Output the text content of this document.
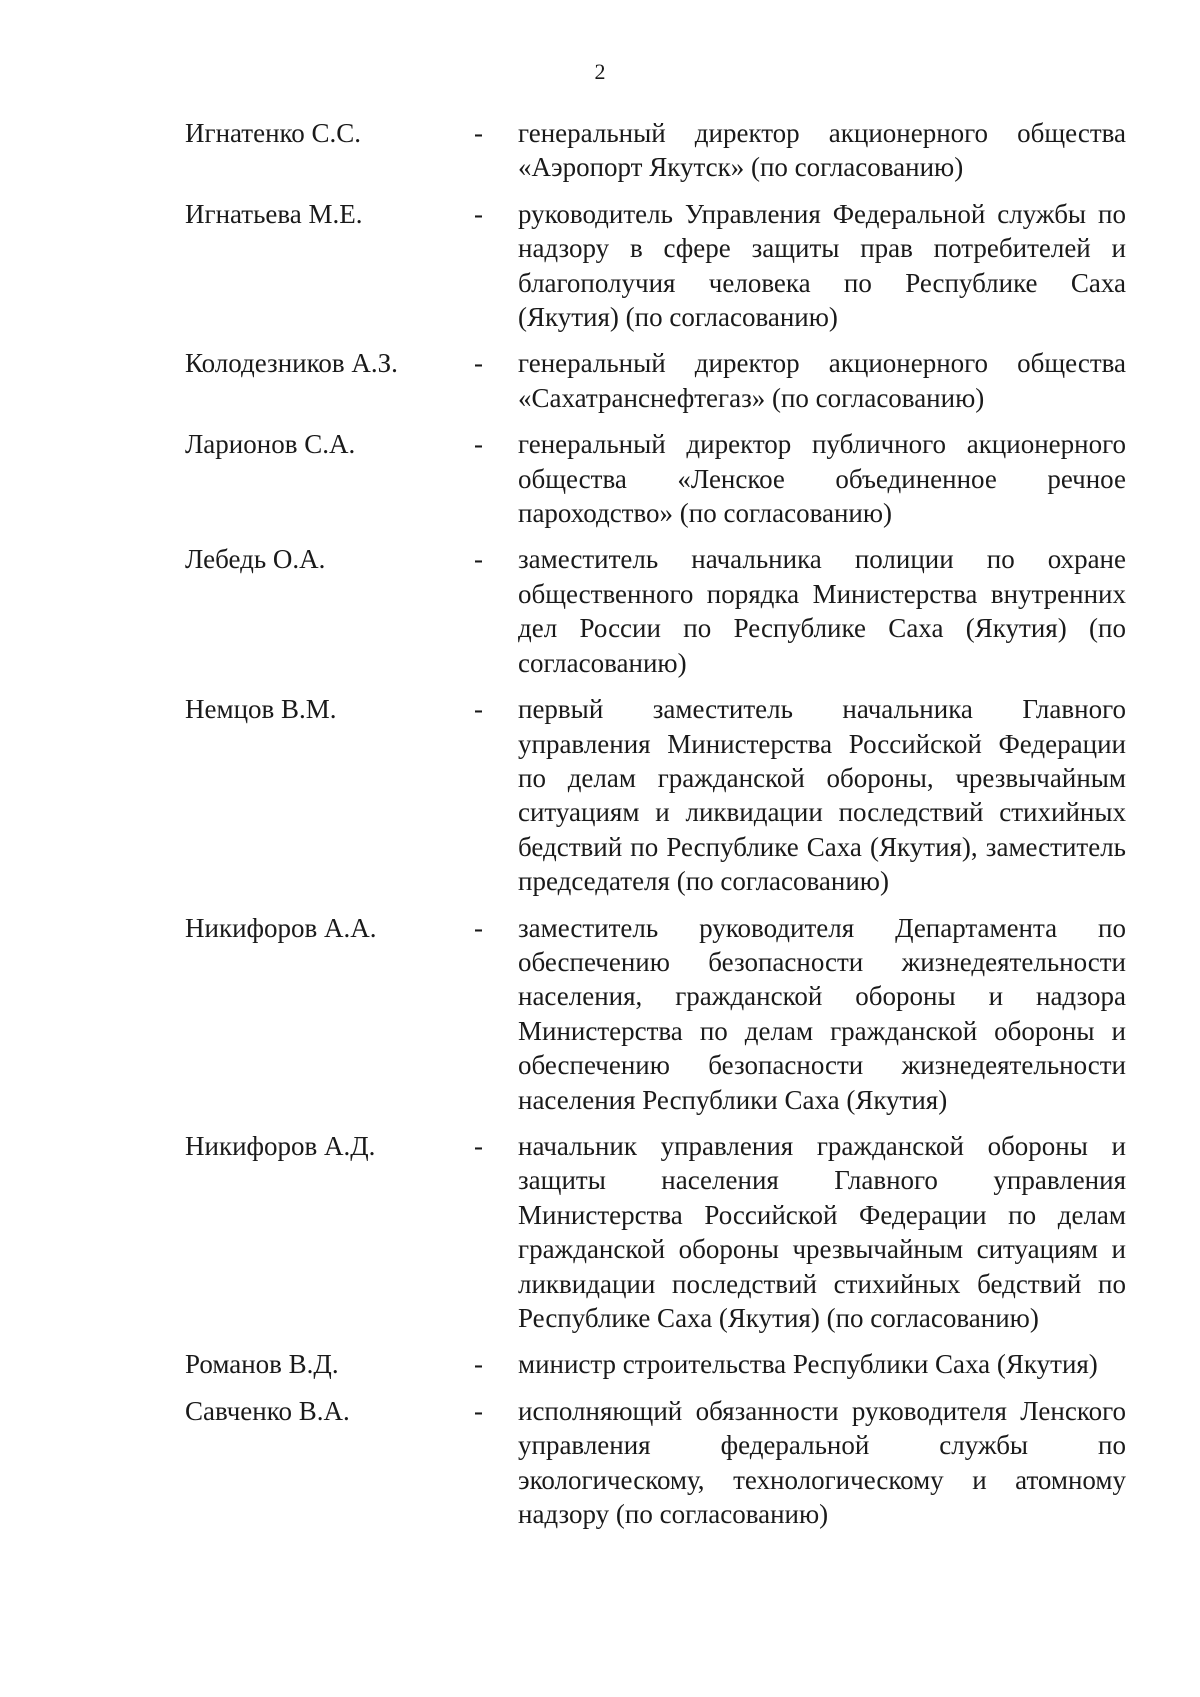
2
Игнатенко С.С.	- генеральный директор акционерного общества «Аэропорт Якутск» (по согласованию)
Игнатьева М.Е.	- руководитель Управления Федеральной службы по надзору в сфере защиты прав потребителей и благополучия человека по Республике Саха (Якутия) (по согласованию)
Колодезников А.З.	- генеральный директор акционерного общества «Сахатранснефтегаз» (по согласованию)
Ларионов С.А.	- генеральный директор публичного акционерного общества «Ленское объединенное речное пароходство» (по согласованию)
Лебедь О.А.	- заместитель начальника полиции по охране общественного порядка Министерства внутренних дел России по Республике Саха (Якутия) (по согласованию)
Немцов В.М.	- первый заместитель начальника Главного управления Министерства Российской Федерации по делам гражданской обороны, чрезвычайным ситуациям и ликвидации последствий стихийных бедствий по Республике Саха (Якутия), заместитель председателя (по согласованию)
Никифоров А.А.	- заместитель руководителя Департамента по обеспечению безопасности жизнедеятельности населения, гражданской обороны и надзора Министерства по делам гражданской обороны и обеспечению безопасности жизнедеятельности населения Республики Саха (Якутия)
Никифоров А.Д.	- начальник управления гражданской обороны и защиты населения Главного управления Министерства Российской Федерации по делам гражданской обороны чрезвычайным ситуациям и ликвидации последствий стихийных бедствий по Республике Саха (Якутия) (по согласованию)
Романов В.Д.	- министр строительства Республики Саха (Якутия)
Савченко В.А.	- исполняющий обязанности руководителя Ленского управления федеральной службы по экологическому, технологическому и атомному надзору (по согласованию)
